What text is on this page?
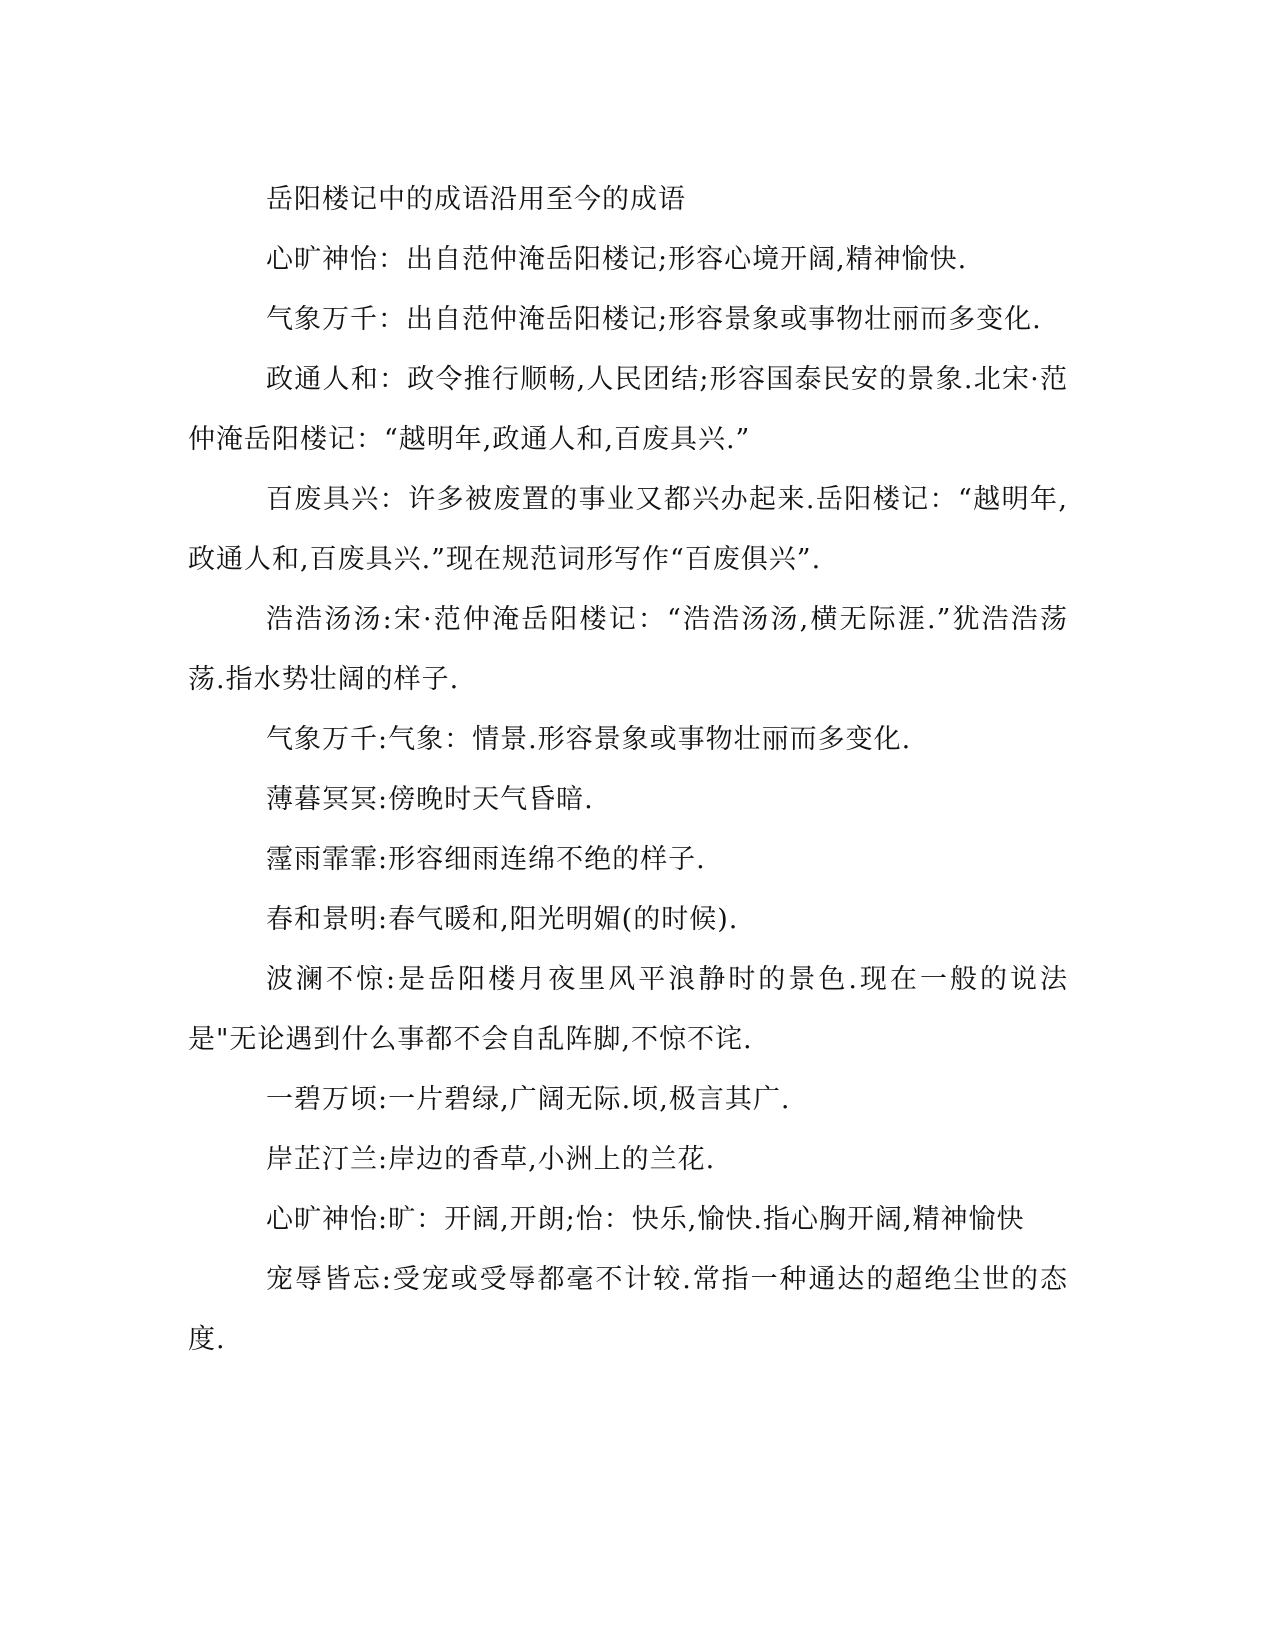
岳阳楼记中的成语沿用至今的成语

心旷神怡：出自范仲淹岳阳楼记;形容心境开阔,精神愉快.

气象万千：出自范仲淹岳阳楼记;形容景象或事物壮丽而多变化.

政通人和：政令推行顺畅,人民团结;形容国泰民安的景象.北宋·范仲淹岳阳楼记：“越明年,政通人和,百废具兴.”

百废具兴：许多被废置的事业又都兴办起来.岳阳楼记：“越明年,政通人和,百废具兴.”现在规范词形写作“百废俱兴”.

浩浩汤汤:宋·范仲淹岳阳楼记：“浩浩汤汤,横无际涯.”犹浩浩荡荡.指水势壮阔的样子.

气象万千:气象：情景.形容景象或事物壮丽而多变化.

薄暮冥冥:傍晚时天气昏暗.

霪雨霏霏:形容细雨连绵不绝的样子.

春和景明:春气暖和,阳光明媚(的时候).

波澜不惊:是岳阳楼月夜里风平浪静时的景色.现在一般的说法是"无论遇到什么事都不会自乱阵脚,不惊不诧.

一碧万顷:一片碧绿,广阔无际.顷,极言其广.

岸芷汀兰:岸边的香草,小洲上的兰花.

心旷神怡:旷：开阔,开朗;怡：快乐,愉快.指心胸开阔,精神愉快

宠辱皆忘:受宠或受辱都毫不计较.常指一种通达的超绝尘世的态度.
